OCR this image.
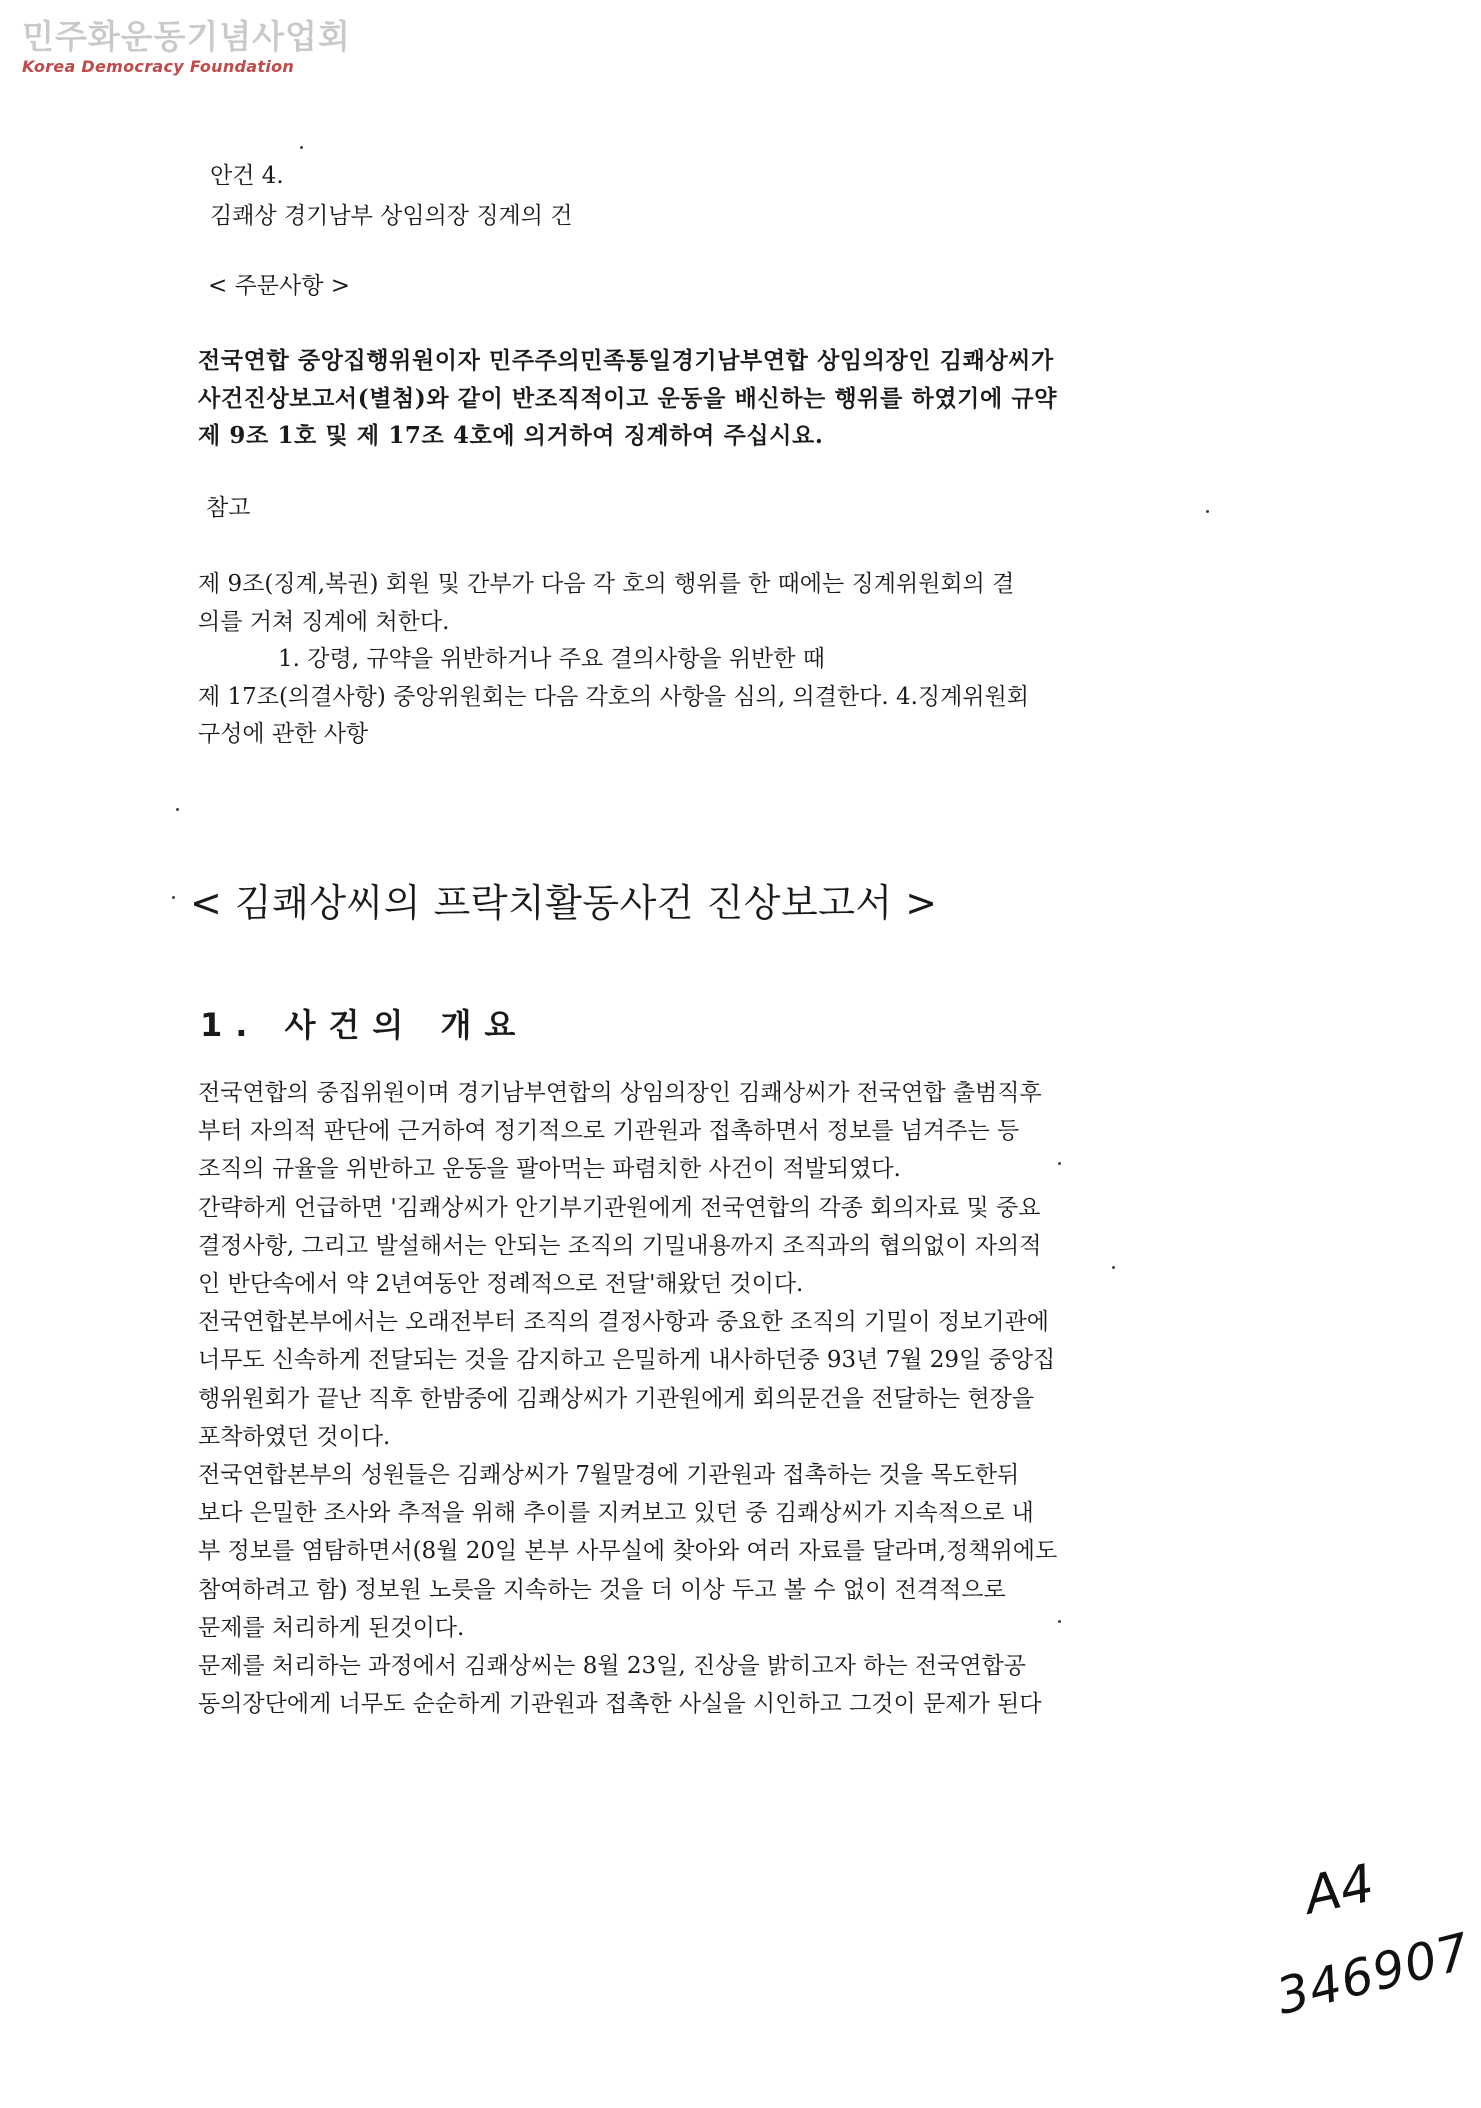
민주화운동기념사업회
Korea Democracy Foundation
안건 4.
김쾌상 경기남부 상임의장 징계의 건
< 주문사항 >
전국연합 중앙집행위원이자 민주주의민족통일경기남부연합 상임의장인 김쾌상씨가
사건진상보고서(별첨)와 같이 반조직적이고 운동을 배신하는 행위를 하였기에 규약
제 9조 1호 및 제 17조 4호에 의거하여 징계하여 주십시요.
참고
제 9조(징계,복권) 회원 및 간부가 다음 각 호의 행위를 한 때에는 징계위원회의 결
의를 거쳐 징계에 처한다.
1. 강령, 규약을 위반하거나 주요 결의사항을 위반한 때
제 17조(의결사항) 중앙위원회는 다음 각호의 사항을 심의, 의결한다. 4.징계위원회
구성에 관한 사항
< 김쾌상씨의 프락치활동사건 진상보고서 >
1. 사건의 개요

전국연합의 중집위원이며 경기남부연합의 상임의장인 김쾌상씨가 전국연합 출범직후

부터 자의적 판단에 근거하여 정기적으로 기관원과 접촉하면서 정보를 넘겨주는 등

조직의 규율을 위반하고 운동을 팔아먹는 파렴치한 사건이 적발되였다.

간략하게 언급하면 '김쾌상씨가 안기부기관원에게 전국연합의 각종 회의자료 및 중요

결정사항, 그리고 발설해서는 안되는 조직의 기밀내용까지 조직과의 협의없이 자의적

인 반단속에서 약 2년여동안 정례적으로 전달'해왔던 것이다.

전국연합본부에서는 오래전부터 조직의 결정사항과 중요한 조직의 기밀이 정보기관에

너무도 신속하게 전달되는 것을 감지하고 은밀하게 내사하던중 93년 7월 29일 중앙집

행위원회가 끝난 직후 한밤중에 김쾌상씨가 기관원에게 회의문건을 전달하는 현장을

포착하였던 것이다.

전국연합본부의 성원들은 김쾌상씨가 7월말경에 기관원과 접촉하는 것을 목도한뒤

보다 은밀한 조사와 추적을 위해 추이를 지켜보고 있던 중 김쾌상씨가 지속적으로 내

부 정보를 염탐하면서(8월 20일 본부 사무실에 찾아와 여러 자료를 달라며,정책위에도

참여하려고 함) 정보원 노릇을 지속하는 것을 더 이상 두고 볼 수 없이 전격적으로

문제를 처리하게 된것이다.

문제를 처리하는 과정에서 김쾌상씨는 8월 23일, 진상을 밝히고자 하는 전국연합공

동의장단에게 너무도 순순하게 기관원과 접촉한 사실을 시인하고 그것이 문제가 된다

A4
346907
